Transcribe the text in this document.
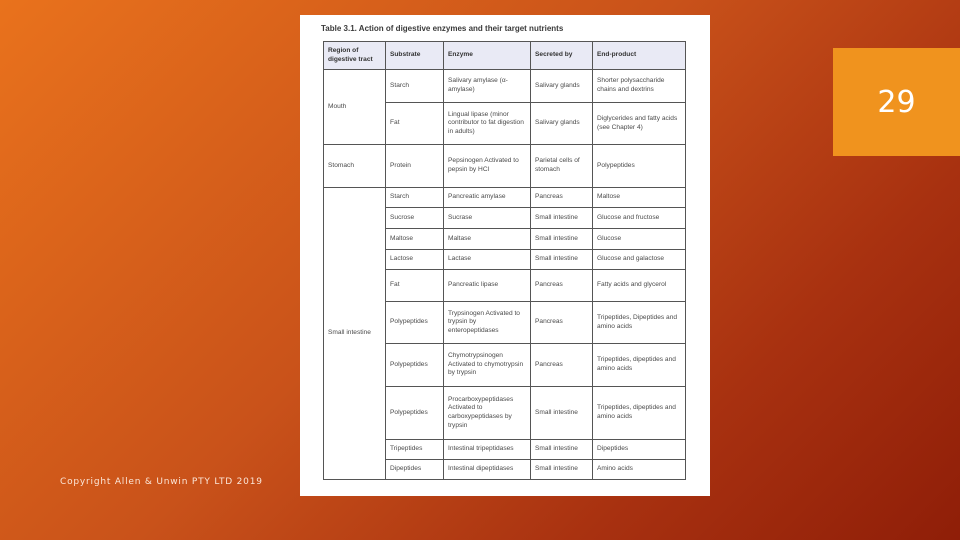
29
Table 3.1. Action of digestive enzymes and their target nutrients
Region of digestive tract	Substrate	Enzyme	Secreted by	End-product
Mouth	Starch	Salivary amylase (α-amylase)	Salivary glands	Shorter polysaccharide chains and dextrins
	Fat	Lingual lipase (minor contributor to fat digestion in adults)	Salivary glands	Diglycerides and fatty acids (see Chapter 4)
Stomach	Protein	Pepsinogen Activated to pepsin by HCl	Parietal cells of stomach	Polypeptides
Small intestine	Starch	Pancreatic amylase	Pancreas	Maltose
	Sucrose	Sucrase	Small intestine	Glucose and fructose
	Maltose	Maltase	Small intestine	Glucose
	Lactose	Lactase	Small intestine	Glucose and galactose
	Fat	Pancreatic lipase	Pancreas	Fatty acids and glycerol
	Polypeptides	Trypsinogen Activated to trypsin by enteropeptidases	Pancreas	Tripeptides, Dipeptides and amino acids
	Polypeptides	Chymotrypsinogen Activated to chymotrypsin by trypsin	Pancreas	Tripeptides, dipeptides and amino acids
	Polypeptides	Procarboxypeptidases Activated to carboxypeptidases by trypsin	Small intestine	Tripeptides, dipeptides and amino acids
	Tripeptides	Intestinal tripeptidases	Small intestine	Dipeptides
	Dipeptides	Intestinal dipeptidases	Small intestine	Amino acids
Copyright Allen & Unwin PTY LTD 2019
